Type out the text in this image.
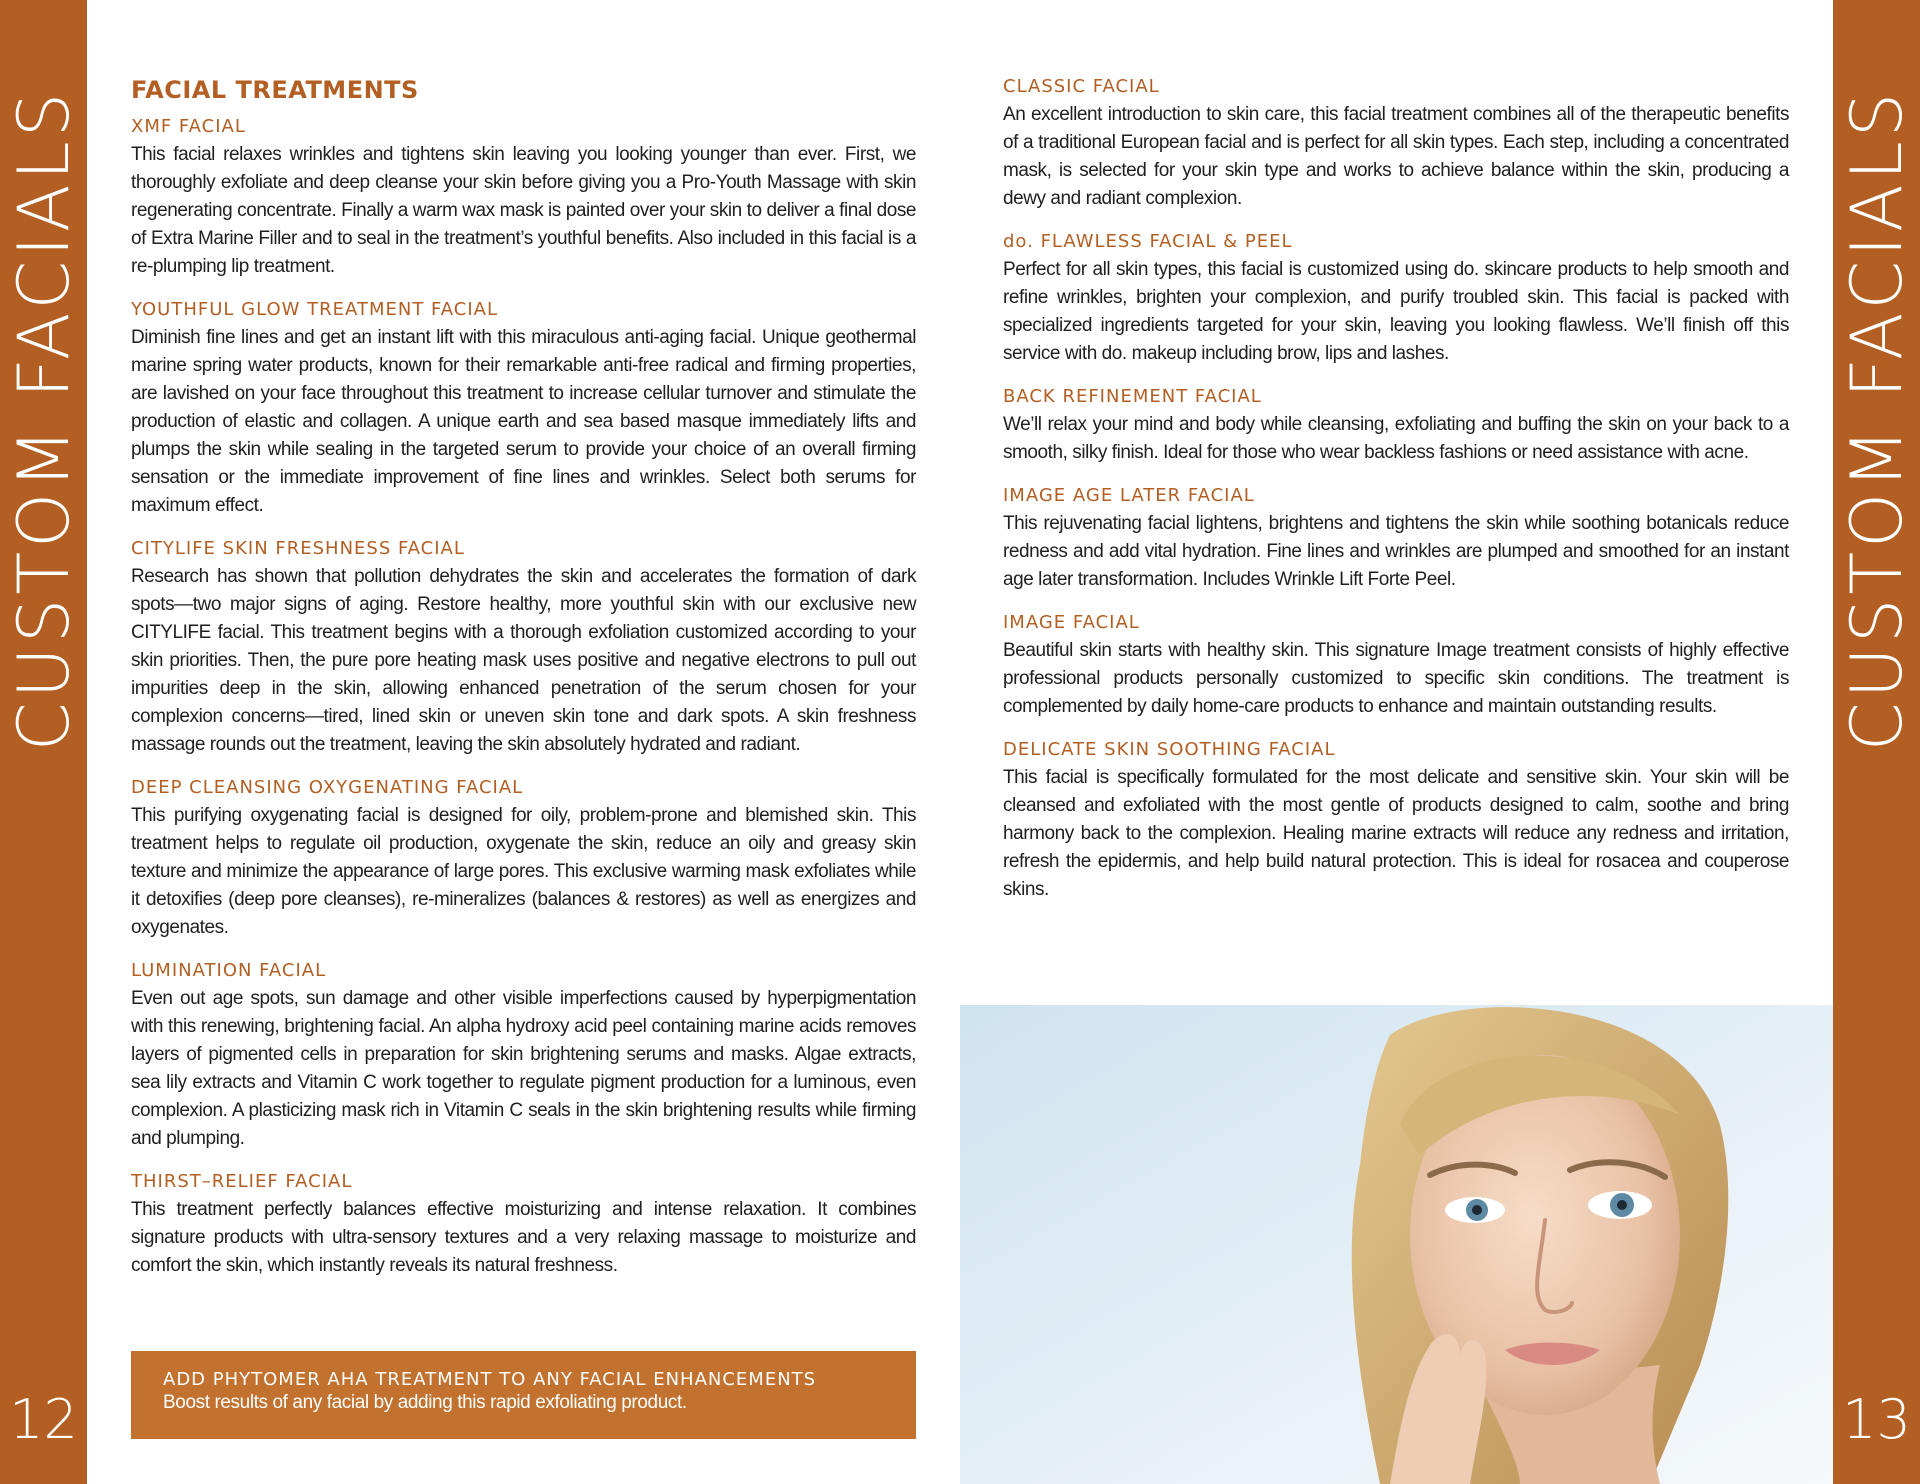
CUSTOM FACIALS
12
CUSTOM FACIALS
13
FACIAL TREATMENTS
XMF FACIAL

This facial relaxes wrinkles and tightens skin leaving you looking younger than ever. First, we thoroughly exfoliate and deep cleanse your skin before giving you a Pro-Youth Massage with skin regenerating concentrate. Finally a warm wax mask is painted over your skin to deliver a final dose of Extra Marine Filler and to seal in the treatment’s youthful benefits. Also included in this facial is a re-plumping lip treatment.

YOUTHFUL GLOW TREATMENT FACIAL

Diminish fine lines and get an instant lift with this miraculous anti-aging facial. Unique geothermal marine spring water products, known for their remarkable anti-free radical and firming properties, are lavished on your face throughout this treatment to increase cellular turnover and stimulate the production of elastic and collagen. A unique earth and sea based masque immediately lifts and plumps the skin while sealing in the targeted serum to provide your choice of an overall firming sensation or the immediate improvement of fine lines and wrinkles. Select both serums for maximum effect.

CITYLIFE SKIN FRESHNESS FACIAL

Research has shown that pollution dehydrates the skin and accelerates the formation of dark spots—two major signs of aging. Restore healthy, more youthful skin with our exclusive new CITYLIFE facial. This treatment begins with a thorough exfoliation customized according to your skin priorities. Then, the pure pore heating mask uses positive and negative electrons to pull out impurities deep in the skin, allowing enhanced penetration of the serum chosen for your complexion concerns—tired, lined skin or uneven skin tone and dark spots. A skin freshness massage rounds out the treatment, leaving the skin absolutely hydrated and radiant.

DEEP CLEANSING OXYGENATING FACIAL

This purifying oxygenating facial is designed for oily, problem-prone and blemished skin. This treatment helps to regulate oil production, oxygenate the skin, reduce an oily and greasy skin texture and minimize the appearance of large pores. This exclusive warming mask exfoliates while it detoxifies (deep pore cleanses), re-mineralizes (balances & restores) as well as energizes and oxygenates.

LUMINATION FACIAL

Even out age spots, sun damage and other visible imperfections caused by hyperpigmentation with this renewing, brightening facial. An alpha hydroxy acid peel containing marine acids removes layers of pigmented cells in preparation for skin brightening serums and masks. Algae extracts, sea lily extracts and Vitamin C work together to regulate pigment production for a luminous, even complexion. A plasticizing mask rich in Vitamin C seals in the skin brightening results while firming and plumping.

THIRST–RELIEF FACIAL

This treatment perfectly balances effective moisturizing and intense relaxation. It combines signature products with ultra-sensory textures and a very relaxing massage to moisturize and comfort the skin, which instantly reveals its natural freshness.

ADD PHYTOMER AHA TREATMENT TO ANY FACIAL ENHANCEMENTS
Boost results of any facial by adding this rapid exfoliating product.
CLASSIC FACIAL

An excellent introduction to skin care, this facial treatment combines all of the therapeutic benefits of a traditional European facial and is perfect for all skin types. Each step, including a concentrated mask, is selected for your skin type and works to achieve balance within the skin, producing a dewy and radiant complexion.

do. FLAWLESS FACIAL & PEEL

Perfect for all skin types, this facial is customized using do. skincare products to help smooth and refine wrinkles, brighten your complexion, and purify troubled skin. This facial is packed with specialized ingredients targeted for your skin, leaving you looking flawless. We’ll finish off this service with do. makeup including brow, lips and lashes.

BACK REFINEMENT FACIAL

We’ll relax your mind and body while cleansing, exfoliating and buffing the skin on your back to a smooth, silky finish. Ideal for those who wear backless fashions or need assistance with acne.

IMAGE AGE LATER FACIAL

This rejuvenating facial lightens, brightens and tightens the skin while soothing botanicals reduce redness and add vital hydration. Fine lines and wrinkles are plumped and smoothed for an instant age later transformation. Includes Wrinkle Lift Forte Peel.

IMAGE FACIAL

Beautiful skin starts with healthy skin. This signature Image treatment consists of highly effective professional products personally customized to specific skin conditions. The treatment is complemented by daily home-care products to enhance and maintain outstanding results.

DELICATE SKIN SOOTHING FACIAL

This facial is specifically formulated for the most delicate and sensitive skin. Your skin will be cleansed and exfoliated with the most gentle of products designed to calm, soothe and bring harmony back to the complexion. Healing marine extracts will reduce any redness and irritation, refresh the epidermis, and help build natural protection. This is ideal for rosacea and couperose skins.
